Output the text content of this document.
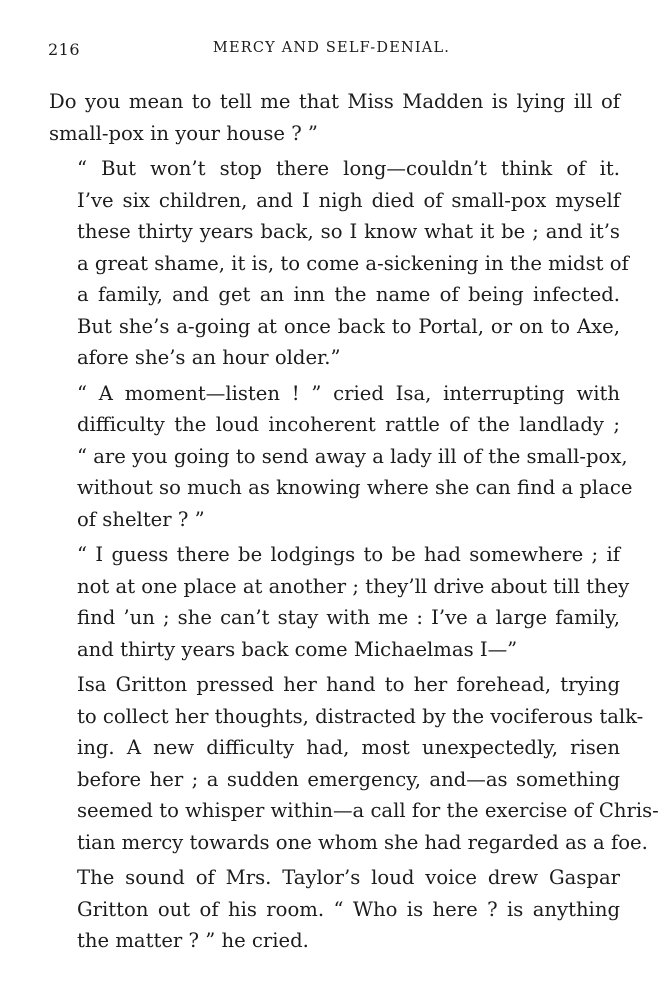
216	MERCY AND SELF-DENIAL.

Do you mean to tell me that Miss Madden is lying ill of
small-pox in your house ? ”

“ But won’t stop there long—couldn’t think of it.
I’ve six children, and I nigh died of small-pox myself
these thirty years back, so I know what it be ; and it’s
a great shame, it is, to come a-sickening in the midst of
a family, and get an inn the name of being infected.
But she’s a-going at once back to Portal, or on to Axe,
afore she’s an hour older.”

“ A moment—listen ! ” cried Isa, interrupting with
difficulty the loud incoherent rattle of the landlady ;
“ are you going to send away a lady ill of the small-pox,
without so much as knowing where she can find a place
of shelter ? ”

“ I guess there be lodgings to be had somewhere ; if
not at one place at another ; they’ll drive about till they
find ’un ; she can’t stay with me : I’ve a large family,
and thirty years back come Michaelmas I—”

Isa Gritton pressed her hand to her forehead, trying
to collect her thoughts, distracted by the vociferous talk-
ing. A new difficulty had, most unexpectedly, risen
before her ; a sudden emergency, and—as something
seemed to whisper within—a call for the exercise of Chris-
tian mercy towards one whom she had regarded as a foe.

The sound of Mrs. Taylor’s loud voice drew Gaspar
Gritton out of his room. “ Who is here ? is anything
the matter ? ” he cried.
